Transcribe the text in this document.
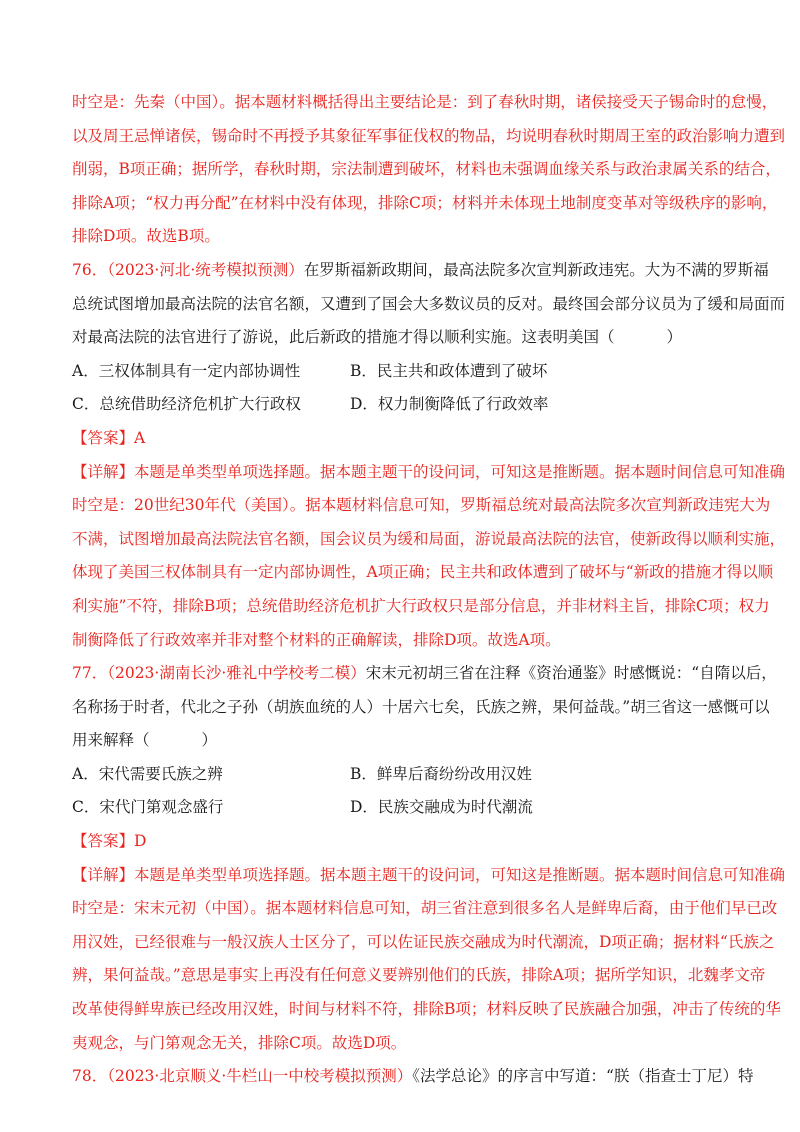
时空是：先秦（中国）。据本题材料概括得出主要结论是：到了春秋时期，诸侯接受天子锡命时的怠慢，
以及周王忌惮诸侯，锡命时不再授予其象征军事征伐权的物品，均说明春秋时期周王室的政治影响力遭到
削弱，B项正确；据所学，春秋时期，宗法制遭到破坏，材料也未强调血缘关系与政治隶属关系的结合，
排除A项；“权力再分配”在材料中没有体现，排除C项；材料并未体现土地制度变革对等级秩序的影响，
排除D项。故选B项。
76．（2023·河北·统考模拟预测）在罗斯福新政期间，最高法院多次宣判新政违宪。大为不满的罗斯福
总统试图增加最高法院的法官名额，又遭到了国会大多数议员的反对。最终国会部分议员为了缓和局面而
对最高法院的法官进行了游说，此后新政的措施才得以顺利实施。这表明美国（	）
A．三权体制具有一定内部协调性	B．民主共和政体遭到了破坏
C．总统借助经济危机扩大行政权	D．权力制衡降低了行政效率
【答案】A
【详解】本题是单类型单项选择题。据本题主题干的设问词，可知这是推断题。据本题时间信息可知准确
时空是：20世纪30年代（美国）。据本题材料信息可知，罗斯福总统对最高法院多次宣判新政违宪大为
不满，试图增加最高法院法官名额，国会议员为缓和局面，游说最高法院的法官，使新政得以顺利实施，
体现了美国三权体制具有一定内部协调性，A项正确；民主共和政体遭到了破坏与“新政的措施才得以顺
利实施”不符，排除B项；总统借助经济危机扩大行政权只是部分信息，并非材料主旨，排除C项；权力
制衡降低了行政效率并非对整个材料的正确解读，排除D项。故选A项。
77．（2023·湖南长沙·雅礼中学校考二模）宋末元初胡三省在注释《资治通鉴》时感慨说：“自隋以后，
名称扬于时者，代北之子孙（胡族血统的人）十居六七矣，氏族之辨，果何益哉。”胡三省这一感慨可以
用来解释（	）
A．宋代需要氏族之辨	B．鲜卑后裔纷纷改用汉姓
C．宋代门第观念盛行	D．民族交融成为时代潮流
【答案】D
【详解】本题是单类型单项选择题。据本题主题干的设问词，可知这是推断题。据本题时间信息可知准确
时空是：宋末元初（中国）。据本题材料信息可知，胡三省注意到很多名人是鲜卑后裔，由于他们早已改
用汉姓，已经很难与一般汉族人士区分了，可以佐证民族交融成为时代潮流，D项正确；据材料“氏族之
辨，果何益哉。”意思是事实上再没有任何意义要辨别他们的氏族，排除A项；据所学知识，北魏孝文帝
改革使得鲜卑族已经改用汉姓，时间与材料不符，排除B项；材料反映了民族融合加强，冲击了传统的华
夷观念，与门第观念无关，排除C项。故选D项。
78．（2023·北京顺义·牛栏山一中校考模拟预测）《法学总论》的序言中写道：“朕（指查士丁尼）特
